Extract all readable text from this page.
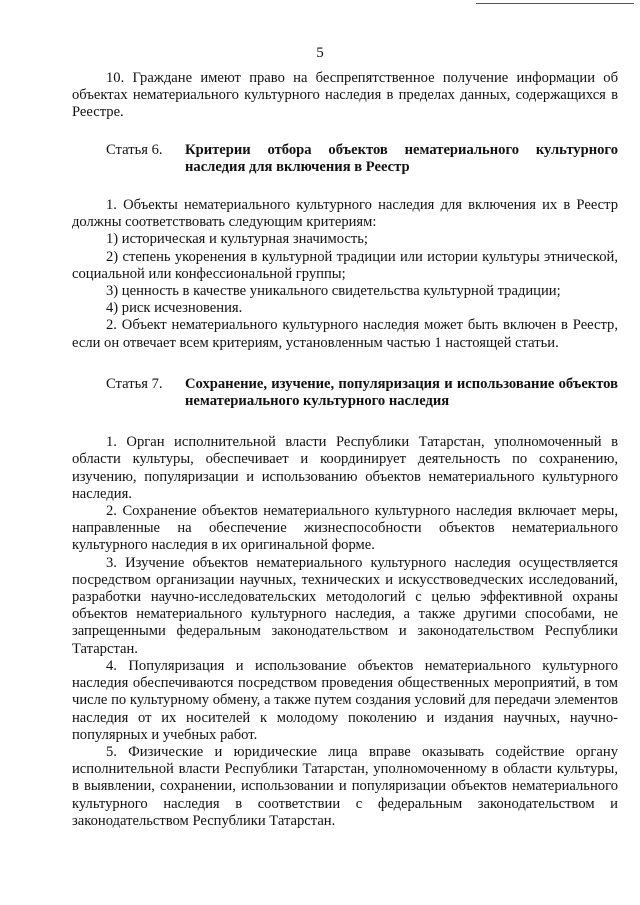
5

10. Граждане имеют право на беспрепятственное получение информации об объектах нематериального культурного наследия в пределах данных, содержащихся в Реестре.

Статья 6.	Критерии отбора объектов нематериального культурного наследия для включения в Реестр

1. Объекты нематериального культурного наследия для включения их в Реестр должны соответствовать следующим критериям:

1) историческая и культурная значимость;

2) степень укоренения в культурной традиции или истории культуры этнической, социальной или конфессиональной группы;

3) ценность в качестве уникального свидетельства культурной традиции;

4) риск исчезновения.

2. Объект нематериального культурного наследия может быть включен в Реестр, если он отвечает всем критериям, установленным частью 1 настоящей статьи.

Статья 7.	Сохранение, изучение, популяризация и использование объектов нематериального культурного наследия

1. Орган исполнительной власти Республики Татарстан, уполномоченный в области культуры, обеспечивает и координирует деятельность по сохранению, изучению, популяризации и использованию объектов нематериального культурного наследия.

2. Сохранение объектов нематериального культурного наследия включает меры, направленные на обеспечение жизнеспособности объектов нематериального культурного наследия в их оригинальной форме.

3. Изучение объектов нематериального культурного наследия осуществляется посредством организации научных, технических и искусствоведческих исследований, разработки научно-исследовательских методологий с целью эффективной охраны объектов нематериального культурного наследия, а также другими способами, не запрещенными федеральным законодательством и законодательством Республики Татарстан.

4. Популяризация и использование объектов нематериального культурного наследия обеспечиваются посредством проведения общественных мероприятий, в том числе по культурному обмену, а также путем создания условий для передачи элементов наследия от их носителей к молодому поколению и издания научных, научно-популярных и учебных работ.

5. Физические и юридические лица вправе оказывать содействие органу исполнительной власти Республики Татарстан, уполномоченному в области культуры, в выявлении, сохранении, использовании и популяризации объектов нематериального культурного наследия в соответствии с федеральным законодательством и законодательством Республики Татарстан.
